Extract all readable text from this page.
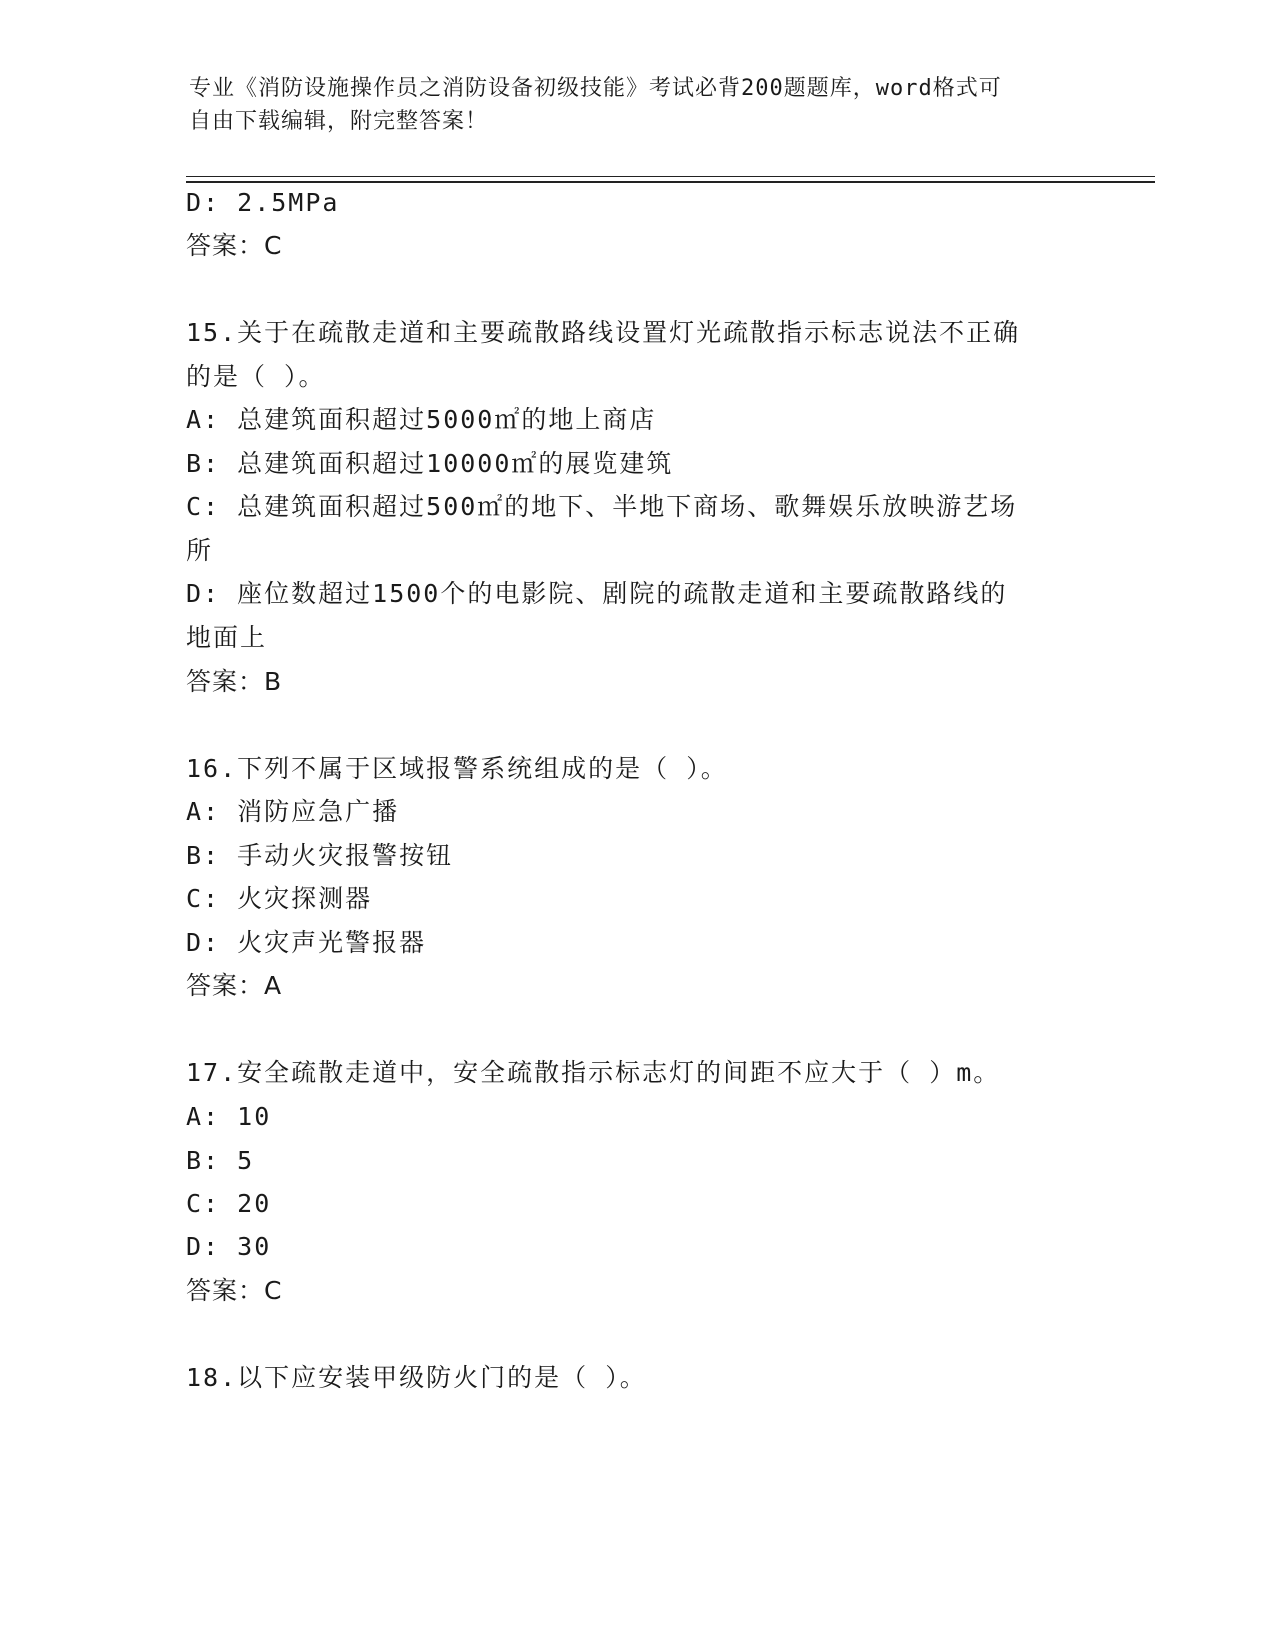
专业《消防设施操作员之消防设备初级技能》考试必背200题题库，word格式可
自由下载编辑，附完整答案！
D: 2.5MPa
答案：C
15.关于在疏散走道和主要疏散路线设置灯光疏散指示标志说法不正确
的是（ ）。
A: 总建筑面积超过5000㎡的地上商店
B: 总建筑面积超过10000㎡的展览建筑
C: 总建筑面积超过500㎡的地下、半地下商场、歌舞娱乐放映游艺场
所
D: 座位数超过1500个的电影院、剧院的疏散走道和主要疏散路线的
地面上
答案：B
16.下列不属于区域报警系统组成的是（ ）。
A: 消防应急广播
B: 手动火灾报警按钮
C: 火灾探测器
D: 火灾声光警报器
答案：A
17.安全疏散走道中，安全疏散指示标志灯的间距不应大于（ ）m。
A: 10
B: 5
C: 20
D: 30
答案：C
18.以下应安装甲级防火门的是（ ）。
